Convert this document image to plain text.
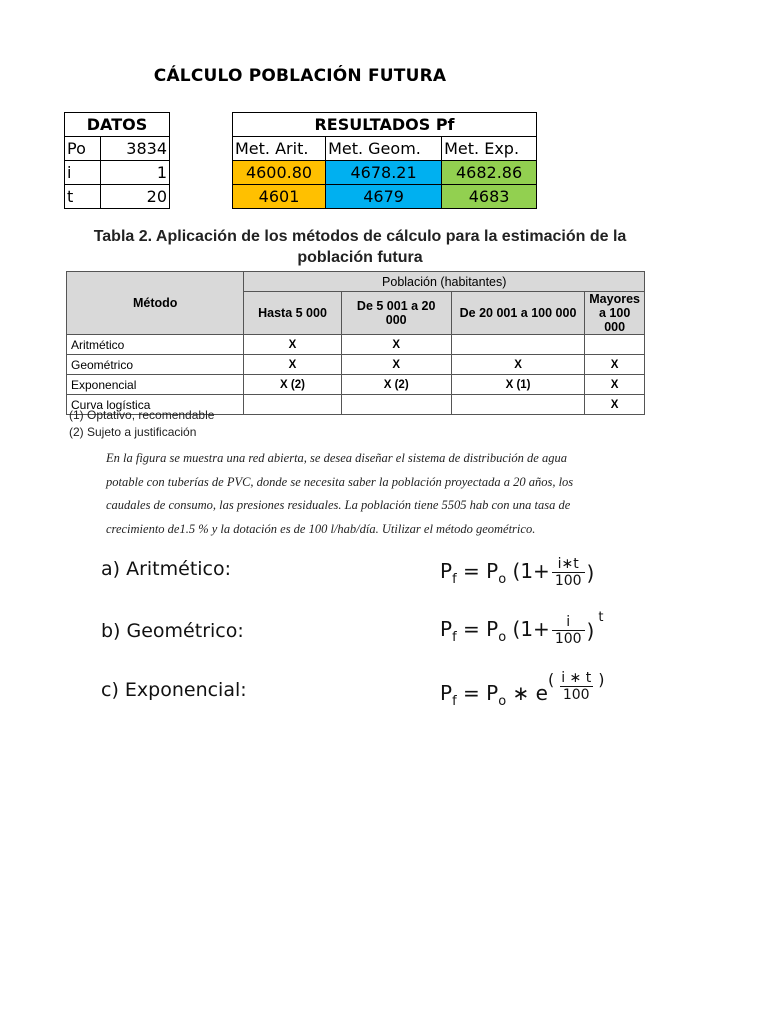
CÁLCULO POBLACIÓN FUTURA
DATOS	
Po	3834
i	1
t	20
RESULTADOS Pf		
Met. Arit.	Met. Geom.	Met. Exp.
4600.80	4678.21	4682.86
4601	4679	4683
Tabla 2. Aplicación de los métodos de cálculo para la estimación de la
población futura
Método	Población (habitantes)			
	Hasta 5 000	De 5 001 a 20 000	De 20 001 a 100 000	Mayores a 100 000
Aritmético	X	X		
Geométrico	X	X	X	X
Exponencial	X (2)	X (2)	X (1)	X
Curva logística				X
(1) Optativo, recomendable
(2) Sujeto a justificación
En la figura se muestra una red abierta, se desea diseñar el sistema de distribución de agua
potable con tuberías de PVC, donde se necesita saber la población proyectada a 20 años, los
caudales de consumo, las presiones residuales. La población tiene 5505 hab con una tasa de
crecimiento de1.5 % y la dotación es de 100 l/hab/día. Utilizar el método geométrico.
a) Aritmético:	$P_f = P_o$ ($1+ \frac{i∗t}{100}$ )
b) Geométrico:	$P_f = P_o$ ($1+ \frac{i}{100}$ )
t
c) Exponencial:	$P_f = P_o$ ∗ e
( $\frac{i ∗ t}{100}$ )
